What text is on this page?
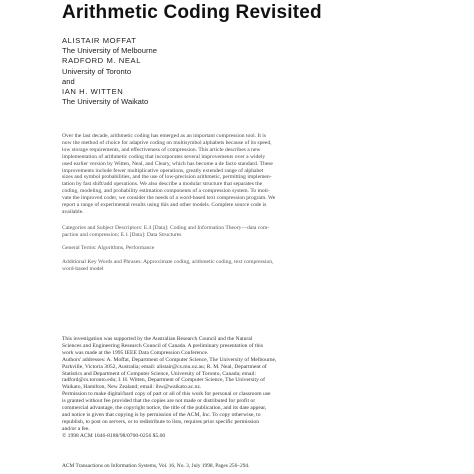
Arithmetic Coding Revisited
ALISTAIR MOFFAT
The University of Melbourne
RADFORD M. NEAL
University of Toronto
and
IAN H. WITTEN
The University of Waikato
Over the last decade, arithmetic coding has emerged as an important compression tool. It is
now the method of choice for adaptive coding on multisymbol alphabets because of its speed,
low storage requirements, and effectiveness of compression. This article describes a new
implementation of arithmetic coding that incorporates several improvements over a widely
used earlier version by Witten, Neal, and Cleary, which has become a de facto standard. These
improvements include fewer multiplicative operations, greatly extended range of alphabet
sizes and symbol probabilities, and the use of low-precision arithmetic, permitting implemen-
tation by fast shift/add operations. We also describe a modular structure that separates the
coding, modeling, and probability estimation components of a compression system. To moti-
vate the improved coder, we consider the needs of a word-based text compression program. We
report a range of experimental results using this and other models. Complete source code is
available.
Categories and Subject Descriptors: E.4 [Data]: Coding and Information Theory—data com-
paction and compression; E.1 [Data]: Data Structures
General Terms: Algorithms, Performance
Additional Key Words and Phrases: Approximate coding, arithmetic coding, text compression,
word-based model
This investigation was supported by the Australian Research Council and the Natural
Sciences and Engineering Research Council of Canada. A preliminary presentation of this
work was made at the 1995 IEEE Data Compression Conference.
Authors' addresses: A. Moffat, Department of Computer Science, The University of Melbourne,
Parkville, Victoria 3052, Australia; email: alistair@cs.mu.oz.au; R. M. Neal, Department of
Statistics and Department of Computer Science, University of Toronto, Canada; email:
radford@cs.toronto.edu; I. H. Witten, Department of Computer Science, The University of
Waikato, Hamilton, New Zealand; email: ihw@waikato.ac.nz.
Permission to make digital/hard copy of part or all of this work for personal or classroom use
is granted without fee provided that the copies are not made or distributed for profit or
commercial advantage, the copyright notice, the title of the publication, and its date appear,
and notice is given that copying is by permission of the ACM, Inc. To copy otherwise, to
republish, to post on servers, or to redistribute to lists, requires prior specific permission
and/or a fee.
© 1998 ACM 1046-8188/98/0700-0256 $5.00
ACM Transactions on Information Systems, Vol. 16, No. 3, July 1998, Pages 256–294.
